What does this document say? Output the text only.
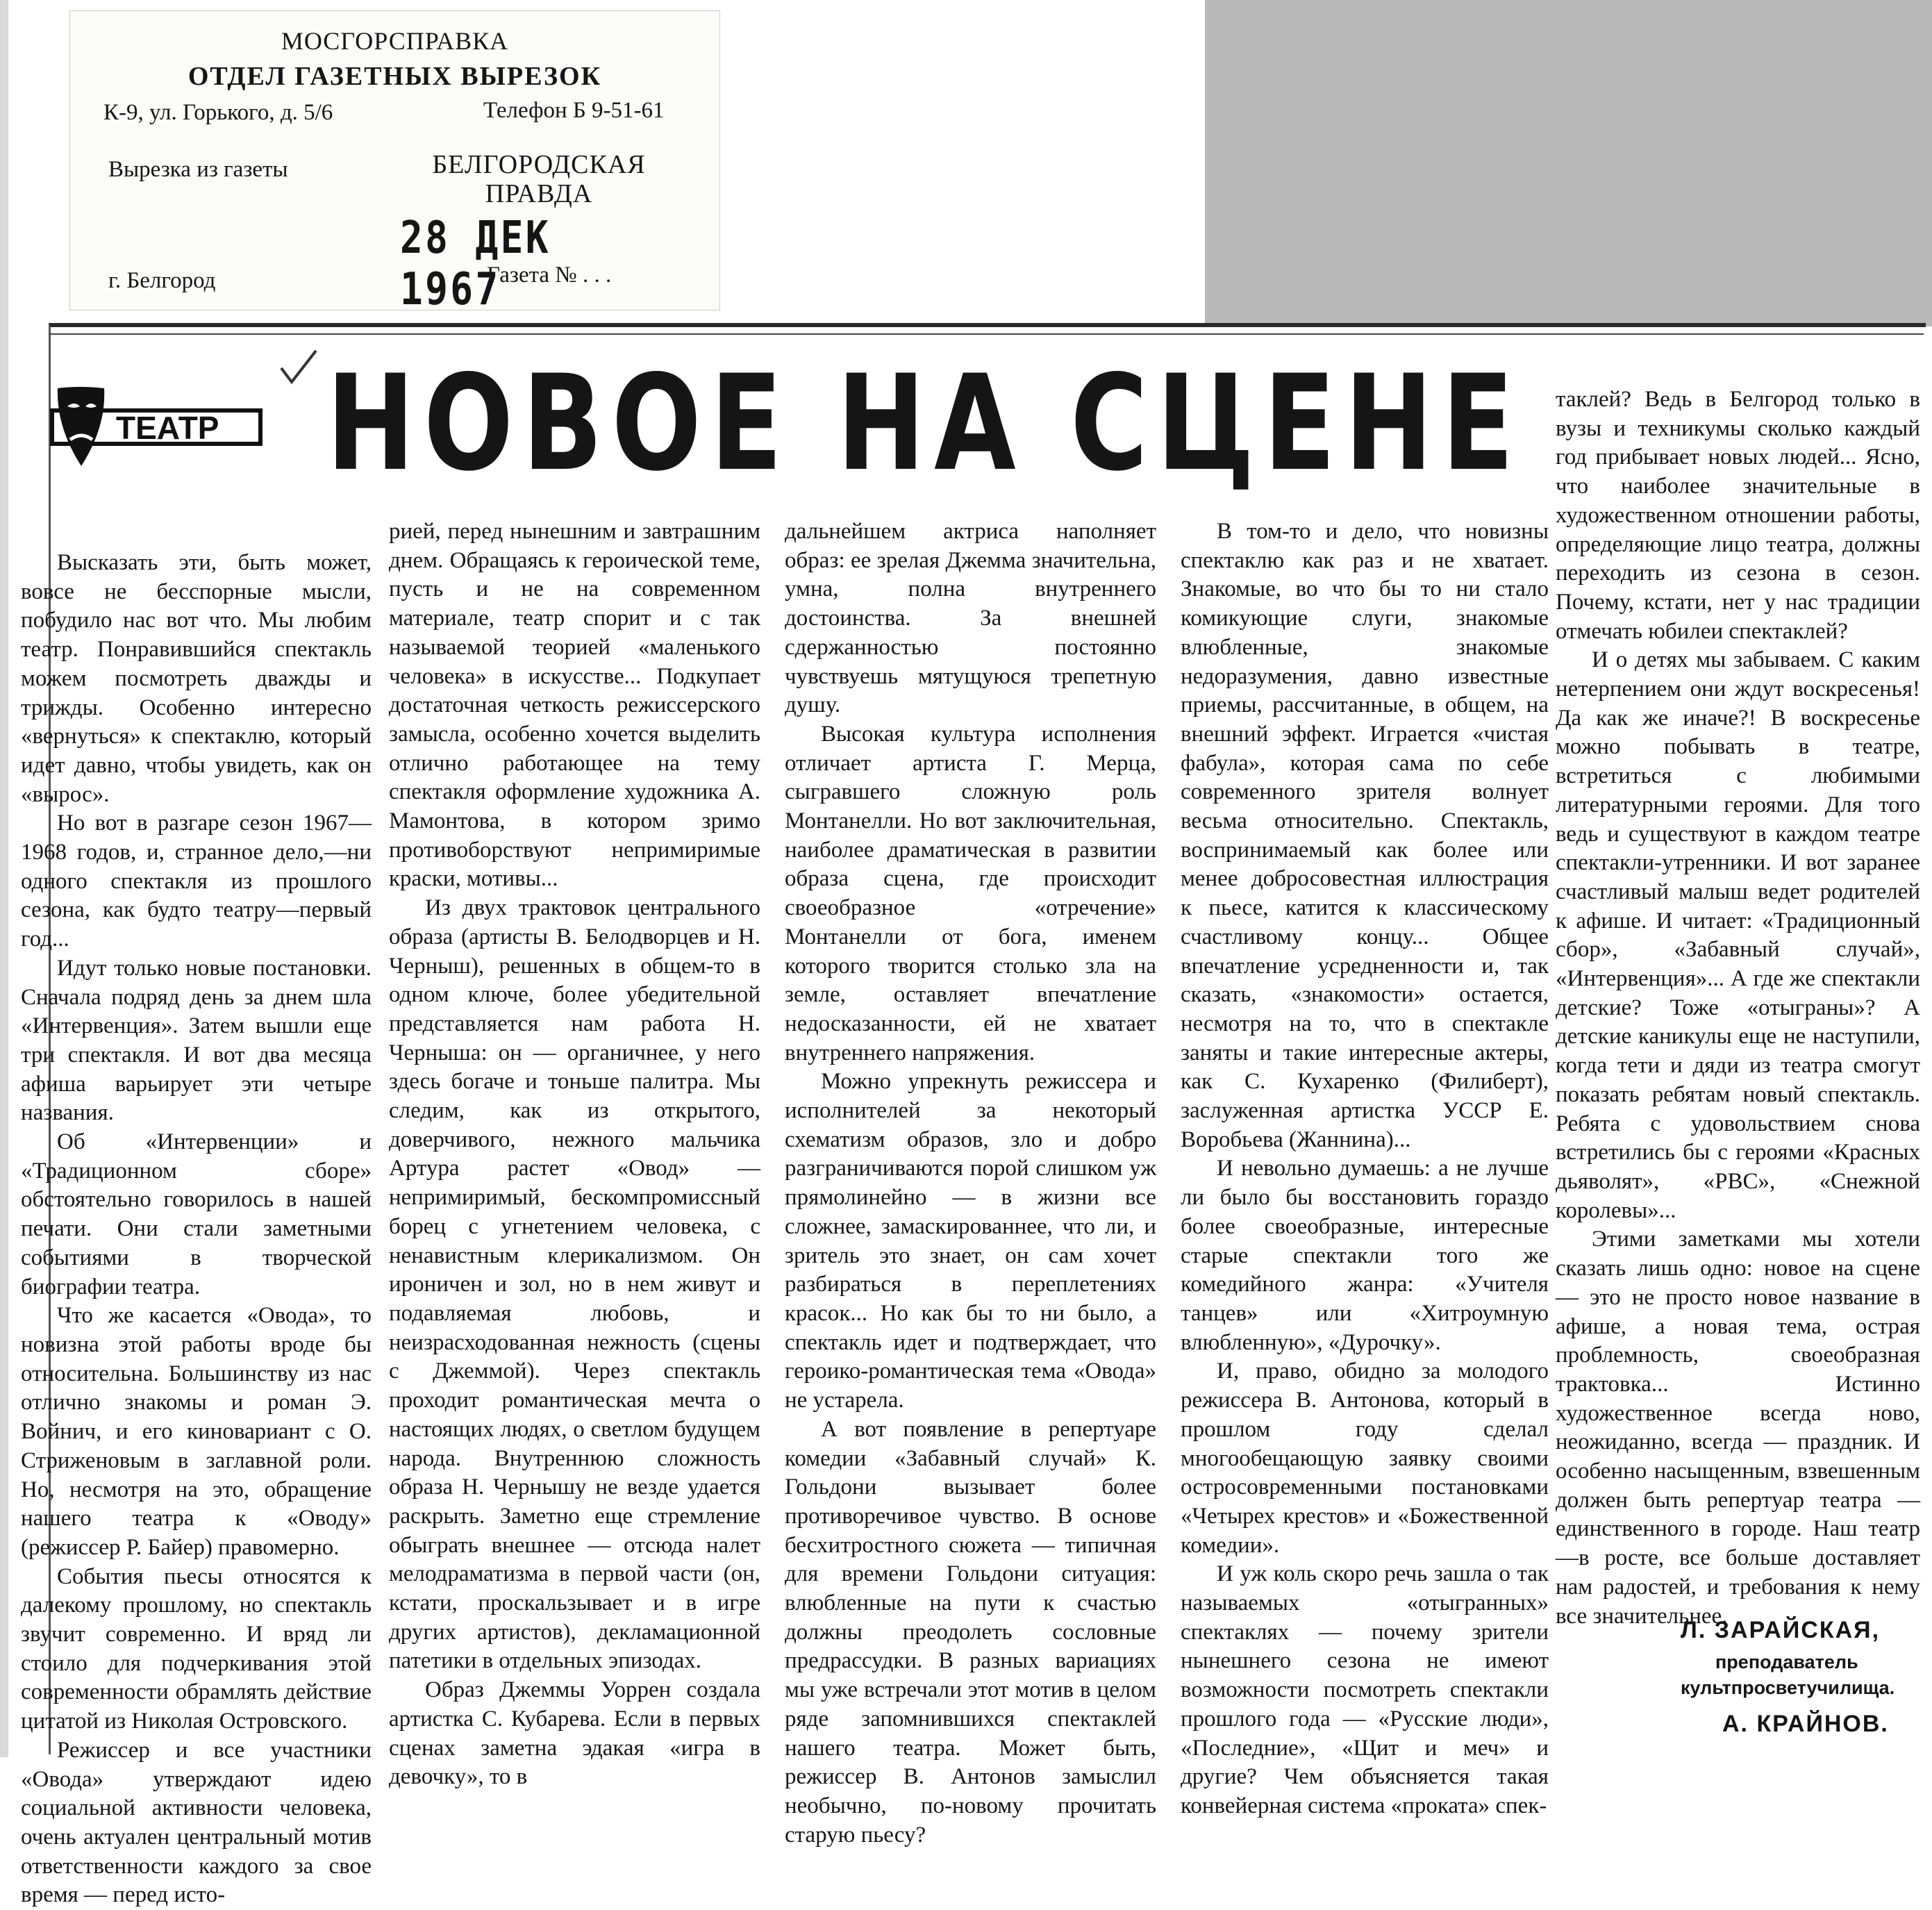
МОСГОРСПРАВКА
ОТДЕЛ ГАЗЕТНЫХ ВЫРЕЗОК
К-9, ул. Горького, д. 5/6	Телефон Б 9-51-61
Вырезка из газеты	БЕЛГОРОДСКАЯ
ПРАВДА
28 ДЕК 1967
г. Белгород	Газета № . . .
ТЕАТР НОВОЕ НА СЦЕНЕ

Высказать эти, быть может, вовсе не бесспорные мысли, побудило нас вот что. Мы любим театр. Понравившийся спектакль можем посмотреть дважды и трижды. Особенно интересно «вернуться» к спектаклю, который идет давно, чтобы увидеть, как он «вырос».

Но вот в разгаре сезон 1967—1968 годов, и, странное дело,—ни одного спектакля из прошлого сезона, как будто театру—первый год...

Идут только новые постановки. Сначала подряд день за днем шла «Интервенция». Затем вышли еще три спектакля. И вот два месяца афиша варьирует эти четыре названия.

Об «Интервенции» и «Традиционном сборе» обстоятельно говорилось в нашей печати. Они стали заметными событиями в творческой биографии театра.

Что же касается «Овода», то новизна этой работы вроде бы относительна. Большинству из нас отлично знакомы и роман Э. Войнич, и его киновариант с О. Стриженовым в заглавной роли. Но, несмотря на это, обращение нашего театра к «Оводу» (режиссер Р. Байер) правомерно.

События пьесы относятся к далекому прошлому, но спектакль звучит современно. И вряд ли стоило для подчеркивания этой современности обрамлять действие цитатой из Николая Островского.

Режиссер и все участники «Овода» утверждают идею социальной активности человека, очень актуален центральный мотив ответственности каждого за свое время — перед исто-

рией, перед нынешним и завтрашним днем. Обращаясь к героической теме, пусть и не на современном материале, театр спорит и с так называемой теорией «маленького человека» в искусстве... Подкупает достаточная четкость режиссерского замысла, особенно хочется выделить отлично работающее на тему спектакля оформление художника А. Мамонтова, в котором зримо противоборствуют непримиримые краски, мотивы...

Из двух трактовок центрального образа (артисты В. Белодворцев и Н. Черныш), решенных в общем-то в одном ключе, более убедительной представляется нам работа Н. Черныша: он — органичнее, у него здесь богаче и тоньше палитра. Мы следим, как из открытого, доверчивого, нежного мальчика Артура растет «Овод» — непримиримый, бескомпромиссный борец с угнетением человека, с ненавистным клерикализмом. Он ироничен и зол, но в нем живут и подавляемая любовь, и неизрасходованная нежность (сцены с Джеммой). Через спектакль проходит романтическая мечта о настоящих людях, о светлом будущем народа. Внутреннюю сложность образа Н. Чернышу не везде удается раскрыть. Заметно еще стремление обыграть внешнее — отсюда налет мелодраматизма в первой части (он, кстати, проскальзывает и в игре других артистов), декламационной патетики в отдельных эпизодах.

Образ Джеммы Уоррен создала артистка С. Кубарева. Если в первых сценах заметна эдакая «игра в девочку», то в

дальнейшем актриса наполняет образ: ее зрелая Джемма значительна, умна, полна внутреннего достоинства. За внешней сдержанностью постоянно чувствуешь мятущуюся трепетную душу.

Высокая культура исполнения отличает артиста Г. Мерца, сыгравшего сложную роль Монтанелли. Но вот заключительная, наиболее драматическая в развитии образа сцена, где происходит своеобразное «отречение» Монтанелли от бога, именем которого творится столько зла на земле, оставляет впечатление недосказанности, ей не хватает внутреннего напряжения.

Можно упрекнуть режиссера и исполнителей за некоторый схематизм образов, зло и добро разграничиваются порой слишком уж прямолинейно — в жизни все сложнее, замаскированнее, что ли, и зритель это знает, он сам хочет разбираться в переплетениях красок... Но как бы то ни было, а спектакль идет и подтверждает, что героико-романтическая тема «Овода» не устарела.

А вот появление в репертуаре комедии «Забавный случай» К. Гольдони вызывает более противоречивое чувство. В основе бесхитростного сюжета — типичная для времени Гольдони ситуация: влюбленные на пути к счастью должны преодолеть сословные предрассудки. В разных вариациях мы уже встречали этот мотив в целом ряде запомнившихся спектаклей нашего театра. Может быть, режиссер В. Антонов замыслил необычно, по-новому прочитать старую пьесу?

В том-то и дело, что новизны спектаклю как раз и не хватает. Знакомые, во что бы то ни стало комикующие слуги, знакомые влюбленные, знакомые недоразумения, давно известные приемы, рассчитанные, в общем, на внешний эффект. Играется «чистая фабула», которая сама по себе современного зрителя волнует весьма относительно. Спектакль, воспринимаемый как более или менее добросовестная иллюстрация к пьесе, катится к классическому счастливому концу... Общее впечатление усредненности и, так сказать, «знакомости» остается, несмотря на то, что в спектакле заняты и такие интересные актеры, как С. Кухаренко (Филиберт), заслуженная артистка УССР Е. Воробьева (Жаннина)...

И невольно думаешь: а не лучше ли было бы восстановить гораздо более своеобразные, интересные старые спектакли того же комедийного жанра: «Учителя танцев» или «Хитроумную влюбленную», «Дурочку».

И, право, обидно за молодого режиссера В. Антонова, который в прошлом году сделал многообещающую заявку своими остросовременными постановками «Четырех крестов» и «Божественной комедии».

И уж коль скоро речь зашла о так называемых «отыгранных» спектаклях — почему зрители нынешнего сезона не имеют возможности посмотреть спектакли прошлого года — «Русские люди», «Последние», «Щит и меч» и другие? Чем объясняется такая конвейерная система «проката» спек-

таклей? Ведь в Белгород только в вузы и техникумы сколько каждый год прибывает новых людей... Ясно, что наиболее значительные в художественном отношении работы, определяющие лицо театра, должны переходить из сезона в сезон. Почему, кстати, нет у нас традиции отмечать юбилеи спектаклей?

И о детях мы забываем. С каким нетерпением они ждут воскресенья! Да как же иначе?! В воскресенье можно побывать в театре, встретиться с любимыми литературными героями. Для того ведь и существуют в каждом театре спектакли-утренники. И вот заранее счастливый малыш ведет родителей к афише. И читает: «Традиционный сбор», «Забавный случай», «Интервенция»... А где же спектакли детские? Тоже «отыграны»? А детские каникулы еще не наступили, когда тети и дяди из театра смогут показать ребятам новый спектакль. Ребята с удовольствием снова встретились бы с героями «Красных дьяволят», «РВС», «Снежной королевы»...

Этими заметками мы хотели сказать лишь одно: новое на сцене — это не просто новое название в афише, а новая тема, острая проблемность, своеобразная трактовка... Истинно художественное всегда ново, неожиданно, всегда — праздник. И особенно насыщенным, взвешенным должен быть репертуар театра — единственного в городе. Наш театр—в росте, все больше доставляет нам радостей, и требования к нему все значительнее.

Л. ЗАРАЙСКАЯ,
преподаватель
культпросветучилища.
А. КРАЙНОВ.
